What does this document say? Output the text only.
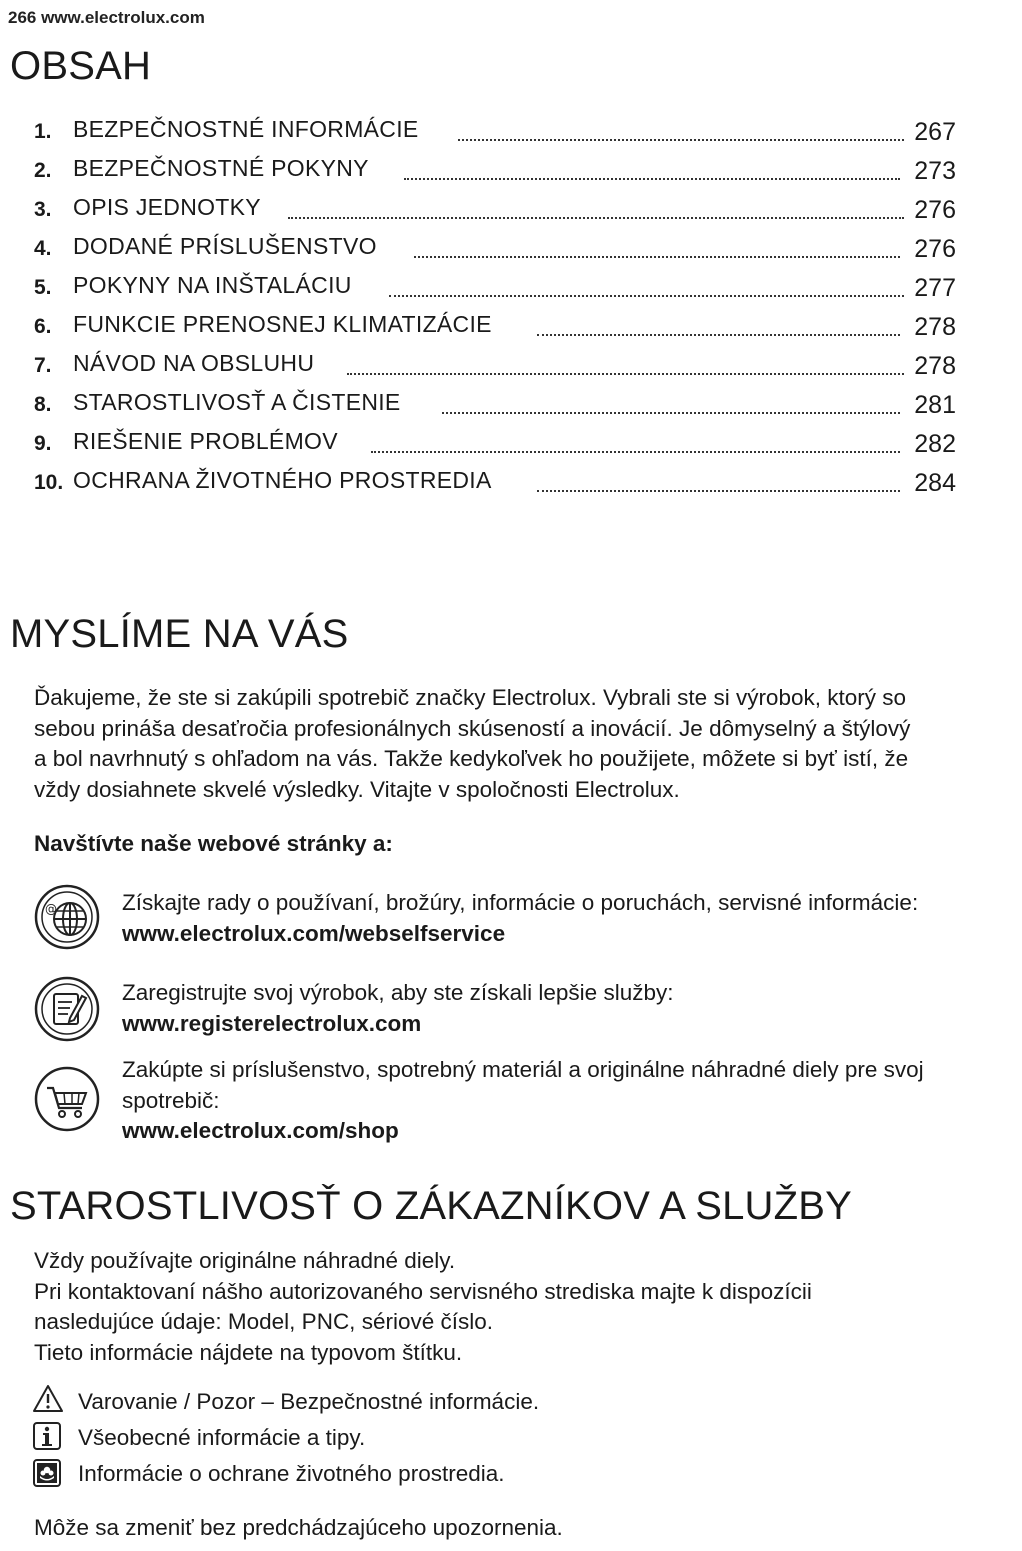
266 www.electrolux.com
OBSAH
1. BEZPEČNOSTNÉ INFORMÁCIE	267
2. BEZPEČNOSTNÉ POKYNY	273
3. OPIS JEDNOTKY	276
4. DODANÉ PRÍSLUŠENSTVO	276
5. POKYNY NA INŠTALÁCIU	277
6. FUNKCIE PRENOSNEJ KLIMATIZÁCIE	278
7. NÁVOD NA OBSLUHU	278
8. STAROSTLIVOSŤ A ČISTENIE	281
9. RIEŠENIE PROBLÉMOV	282
10. OCHRANA ŽIVOTNÉHO PROSTREDIA	284
MYSLÍME NA VÁS
Ďakujeme, že ste si zakúpili spotrebič značky Electrolux. Vybrali ste si výrobok, ktorý so
sebou prináša desaťročia profesionálnych skúseností a inovácií. Je dômyselný a štýlový
a bol navrhnutý s ohľadom na vás. Takže kedykoľvek ho použijete, môžete si byť istí, že
vždy dosiahnete skvelé výsledky. Vitajte v spoločnosti Electrolux.
Navštívte naše webové stránky a:
@	Získajte rady o používaní, brožúry, informácie o poruchách, servisné informácie:
www.electrolux.com/webselfservice
Zaregistrujte svoj výrobok, aby ste získali lepšie služby:
www.registerelectrolux.com
Zakúpte si príslušenstvo, spotrebný materiál a originálne náhradné diely pre svoj
spotrebič:
www.electrolux.com/shop
STAROSTLIVOSŤ O ZÁKAZNÍKOV A SLUŽBY
Vždy používajte originálne náhradné diely.
Pri kontaktovaní nášho autorizovaného servisného strediska majte k dispozícii
nasledujúce údaje: Model, PNC, sériové číslo.
Tieto informácie nájdete na typovom štítku.
Varovanie / Pozor – Bezpečnostné informácie.
Všeobecné informácie a tipy.
Informácie o ochrane životného prostredia.
Môže sa zmeniť bez predchádzajúceho upozornenia.
